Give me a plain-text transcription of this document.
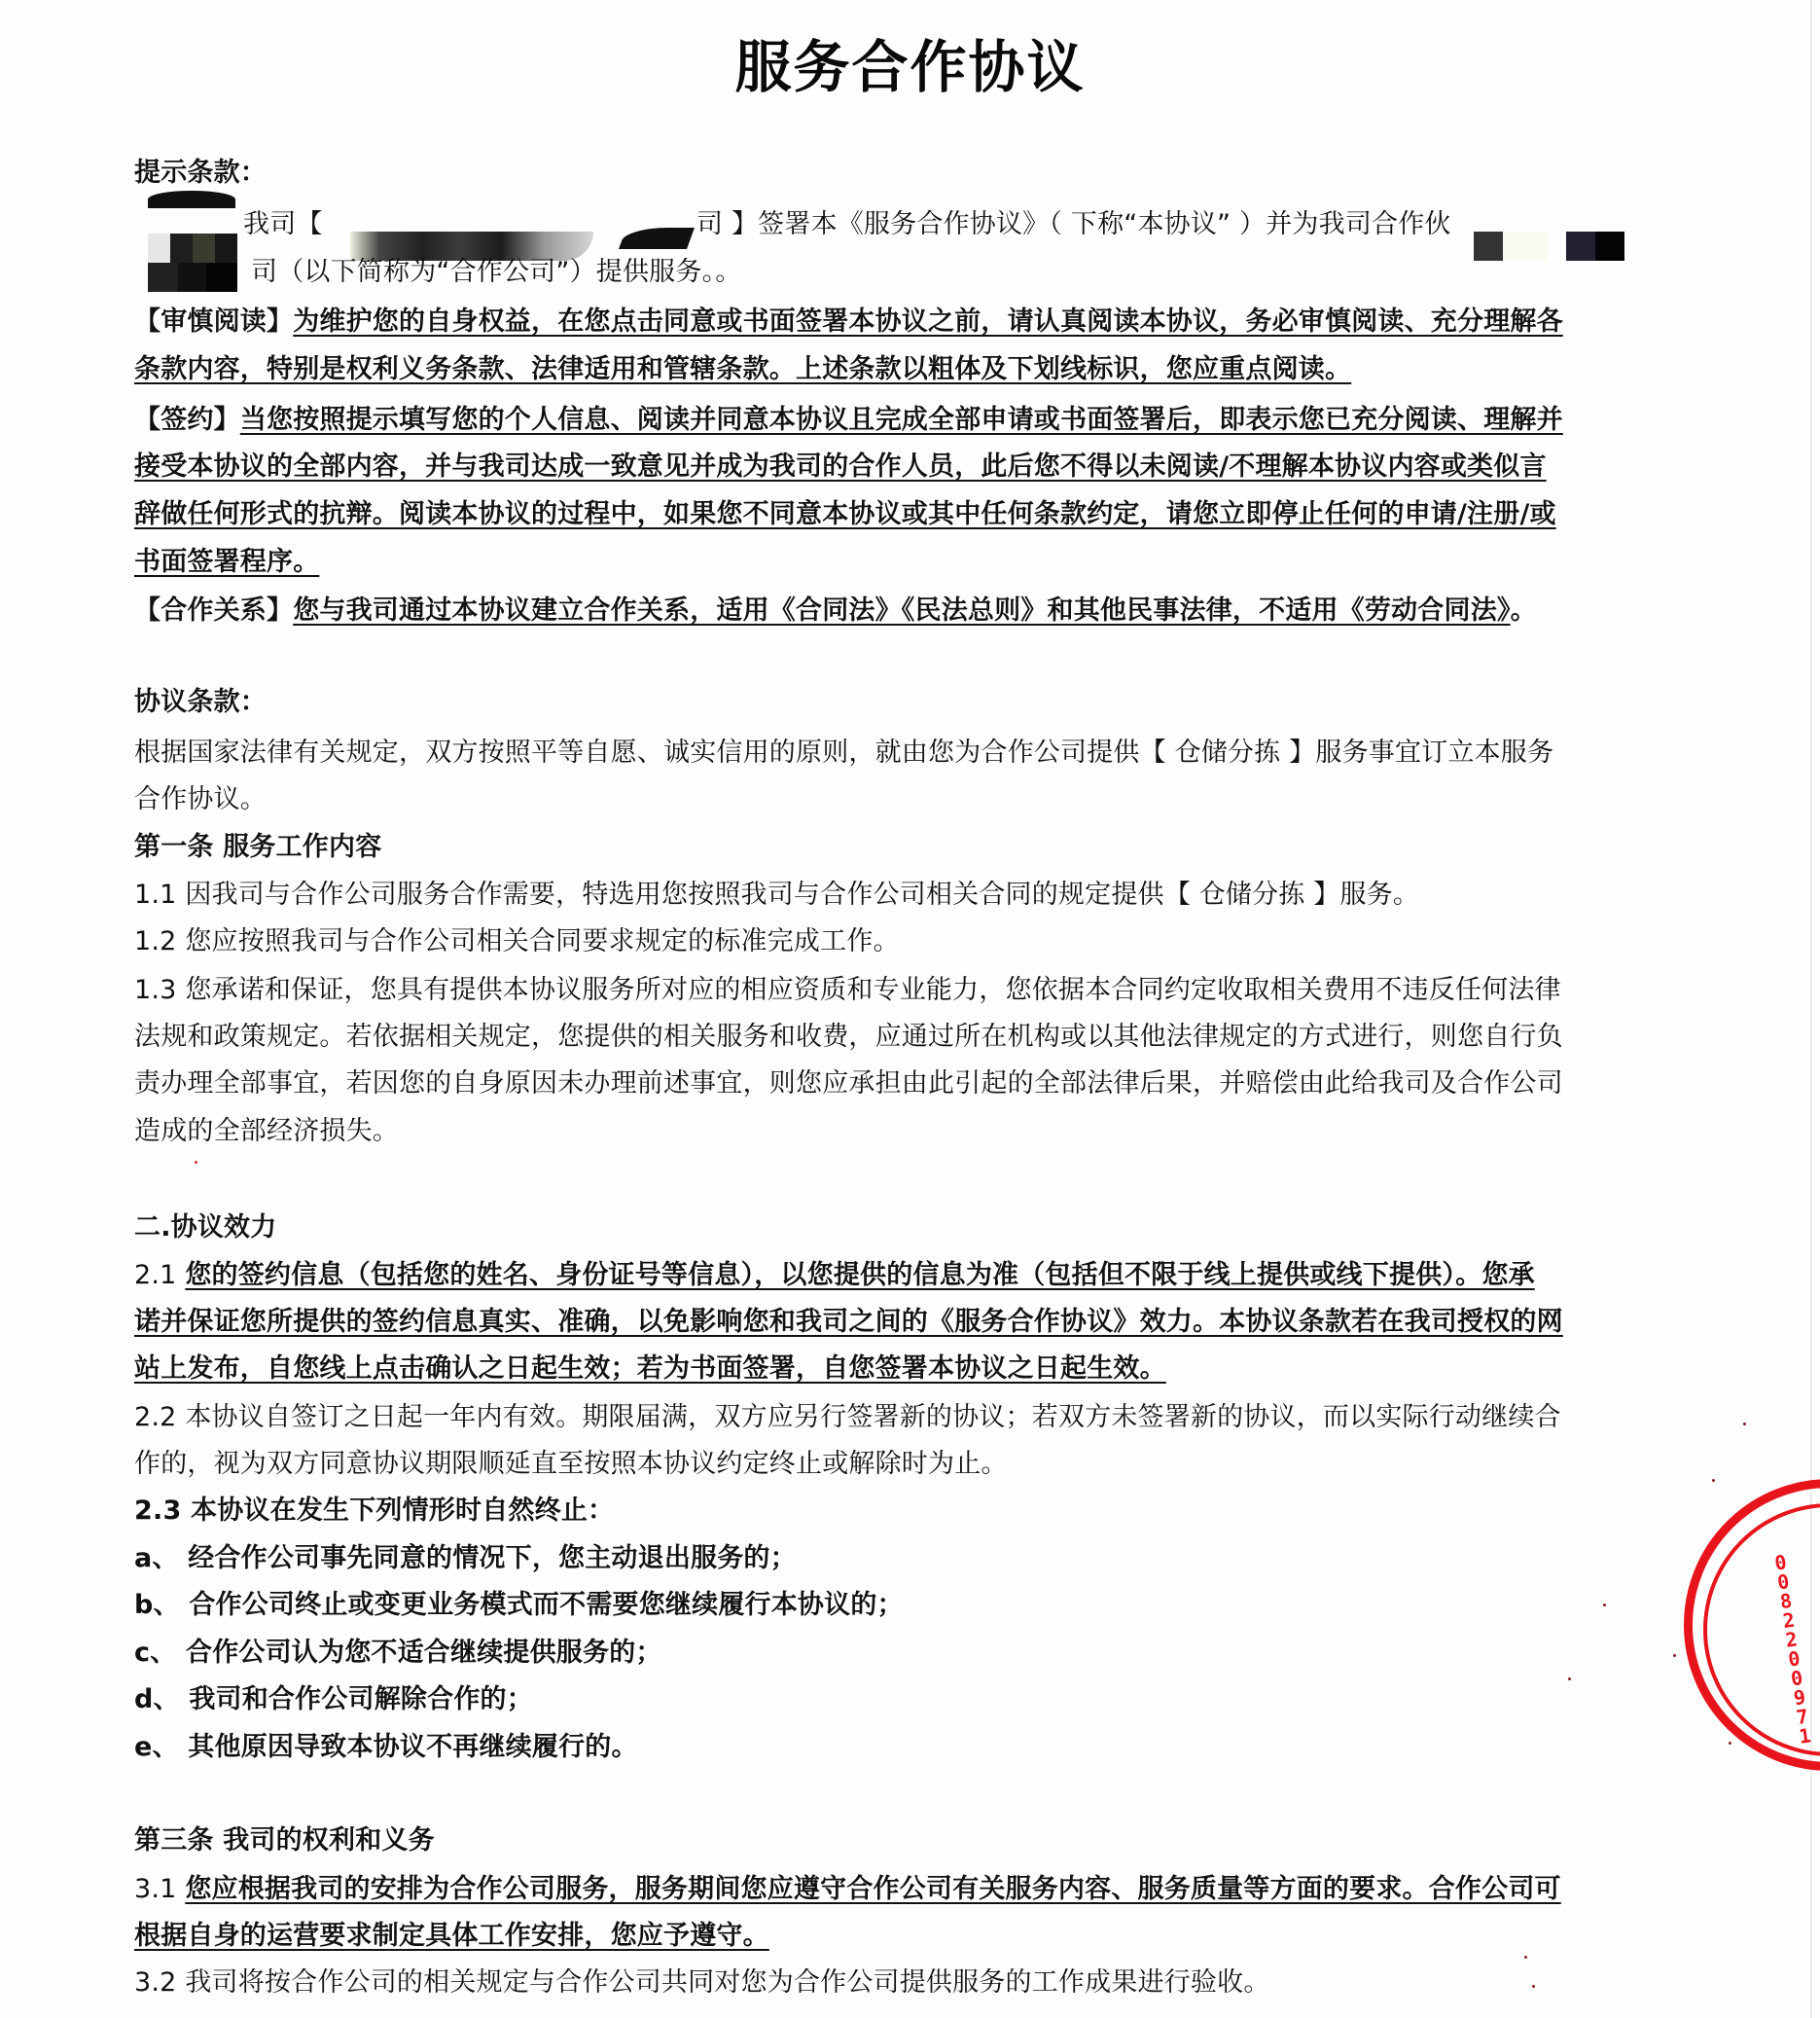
服务合作协议
提示条款：
我司【	司 】签署本《服务合作协议》（ 下称“本协议” ）并为我司合作伙
司（以下简称为“合作公司”）提供服务。。
【审慎阅读】为维护您的自身权益，在您点击同意或书面签署本协议之前，请认真阅读本协议，务必审慎阅读、充分理解各
条款内容，特别是权利义务条款、法律适用和管辖条款。上述条款以粗体及下划线标识，您应重点阅读。
【签约】当您按照提示填写您的个人信息、阅读并同意本协议且完成全部申请或书面签署后，即表示您已充分阅读、理解并
接受本协议的全部内容，并与我司达成一致意见并成为我司的合作人员，此后您不得以未阅读/不理解本协议内容或类似言
辞做任何形式的抗辩。阅读本协议的过程中，如果您不同意本协议或其中任何条款约定，请您立即停止任何的申请/注册/或
书面签署程序。
【合作关系】您与我司通过本协议建立合作关系，适用《合同法》《民法总则》和其他民事法律，不适用《劳动合同法》。
协议条款：
根据国家法律有关规定，双方按照平等自愿、诚实信用的原则，就由您为合作公司提供【 仓储分拣 】服务事宜订立本服务
合作协议。
第一条 服务工作内容
1.1 因我司与合作公司服务合作需要，特选用您按照我司与合作公司相关合同的规定提供【 仓储分拣 】服务。
1.2 您应按照我司与合作公司相关合同要求规定的标准完成工作。
1.3 您承诺和保证，您具有提供本协议服务所对应的相应资质和专业能力，您依据本合同约定收取相关费用不违反任何法律
法规和政策规定。若依据相关规定，您提供的相关服务和收费，应通过所在机构或以其他法律规定的方式进行，则您自行负
责办理全部事宜，若因您的自身原因未办理前述事宜，则您应承担由此引起的全部法律后果，并赔偿由此给我司及合作公司
造成的全部经济损失。
二.协议效力
2.1 您的签约信息（包括您的姓名、身份证号等信息），以您提供的信息为准（包括但不限于线上提供或线下提供）。您承
诺并保证您所提供的签约信息真实、准确，以免影响您和我司之间的《服务合作协议》效力。本协议条款若在我司授权的网
站上发布，自您线上点击确认之日起生效；若为书面签署，自您签署本协议之日起生效。
2.2 本协议自签订之日起一年内有效。期限届满，双方应另行签署新的协议；若双方未签署新的协议，而以实际行动继续合
作的，视为双方同意协议期限顺延直至按照本协议约定终止或解除时为止。
2.3 本协议在发生下列情形时自然终止：
a、 经合作公司事先同意的情况下，您主动退出服务的；
b、 合作公司终止或变更业务模式而不需要您继续履行本协议的；
c、 合作公司认为您不适合继续提供服务的；
d、 我司和合作公司解除合作的；
e、 其他原因导致本协议不再继续履行的。
第三条 我司的权利和义务
3.1 您应根据我司的安排为合作公司服务，服务期间您应遵守合作公司有关服务内容、服务质量等方面的要求。合作公司可
根据自身的运营要求制定具体工作安排，您应予遵守。
3.2 我司将按合作公司的相关规定与合作公司共同对您为合作公司提供服务的工作成果进行验收。
0082200971
